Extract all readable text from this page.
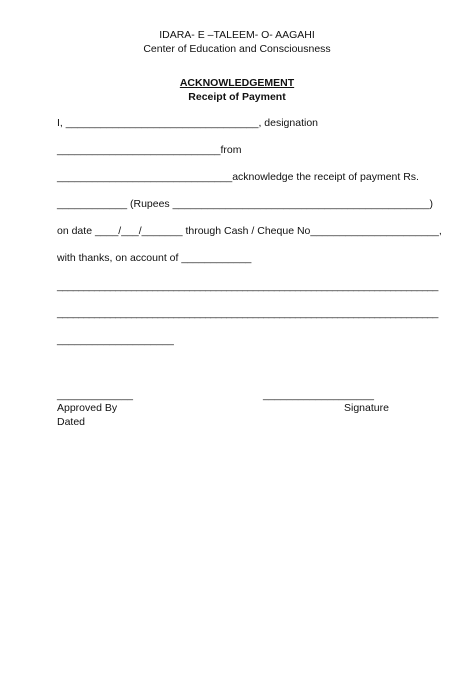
IDARA- E –TALEEM- O- AAGAHI
Center of Education and Consciousness
ACKNOWLEDGEMENT
Receipt of Payment
I, _________________________________, designation
____________________________from
______________________________acknowledge the receipt of payment Rs.
____________ (Rupees ____________________________________________)
on date ____/___/_______ through Cash / Cheque No______________________,
with thanks, on account of ____________
________________________________________________________________________
________________________________________________________________________
____________________
_____________	___________________
Approved By	Signature
Dated
